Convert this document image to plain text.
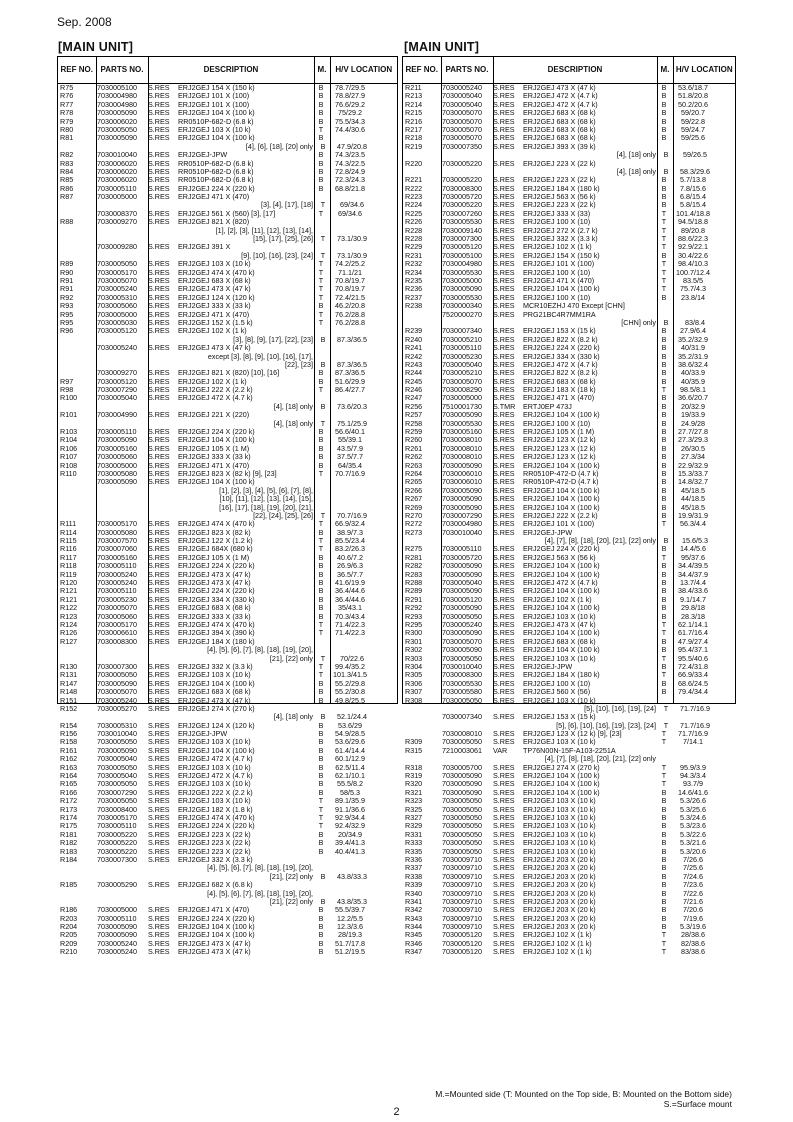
Sep. 2008
[MAIN UNIT]	[MAIN UNIT]
REF NO.	PARTS NO.	DESCRIPTION	M.	H/V LOCATION
R75	7030005100	S.RES	ERJ2GEJ 154 X (150 k)	B	78.7/29.5
R76	7030004980	S.RES	ERJ2GEJ 101 X (100)	B	78.8/27.9
R77	7030004980	S.RES	ERJ2GEJ 101 X (100)	B	76.6/29.2
R78	7030005090	S.RES	ERJ2GEJ 104 X (100 k)	B	75/29.2
R79	7030006020	S.RES	RR0510P-682-D (6.8 k)	B	75.5/34.3
R80	7030005050	S.RES	ERJ2GEJ 103 X (10 k)	T	74.4/30.6
R81	7030005090	S.RES	ERJ2GEJ 104 X (100 k)	B
[4], [6], [18], [20] only	B	47.9/20.8
R82	7030010040	S.RES	ERJ2GEJ-JPW	B	74.3/23.5
R83	7030006020	S.RES	RR0510P-682-D (6.8 k)	B	74.3/22.5
R84	7030006020	S.RES	RR0510P-682-D (6.8 k)	B	72.8/24.9
R85	7030006020	S.RES	RR0510P-682-D (6.8 k)	B	72.3/24.3
R86	7030005110	S.RES	ERJ2GEJ 224 X (220 k)	B	68.8/21.8
R87	7030005000	S.RES	ERJ2GEJ 471 X (470)
[3], [4], [17], [18]	T	69/34.6
7030008370	S.RES	ERJ2GEJ 561 X (560) [3], [17]	T	69/34.6
R88	7030009270	S.RES	ERJ2GEJ 821 X (820)
[1], [2], [3], [11], [12], [13], [14],
[15], [17], [25], [26]	T	73.1/30.9
7030009280	S.RES	ERJ2GEJ 391 X
[9], [10], [16], [23], [24]	T	73.1/30.9
R89	7030005050	S.RES	ERJ2GEJ 103 X (10 k)	T	74.2/25.2
R90	7030005170	S.RES	ERJ2GEJ 474 X (470 k)	T	71.1/21
R91	7030005070	S.RES	ERJ2GEJ 683 X (68 k)	T	70.8/19.7
R91	7030005240	S.RES	ERJ2GEJ 473 X (47 k)	T	70.8/19.7
R92	7030005310	S.RES	ERJ2GEJ 124 X (120 k)	T	72.4/21.5
R93	7030005060	S.RES	ERJ2GEJ 333 X (33 k)	B	46.2/20.8
R95	7030005000	S.RES	ERJ2GEJ 471 X (470)	T	76.2/28.8
R95	7030005030	S.RES	ERJ2GEJ 152 X (1.5 k)	T	76.2/28.8
R96	7030005120	S.RES	ERJ2GEJ 102 X (1 k)
[3], [8], [9], [17], [22], [23]	B	87.3/36.5
7030005240	S.RES	ERJ2GEJ 473 X (47 k)
except [3], [8], [9], [10], [16], [17],
[22], [23]	B	87.3/36.5
7030009270	S.RES	ERJ2GEJ 821 X (820) [10], [16]	B	87.3/36.5
R97	7030005120	S.RES	ERJ2GEJ 102 X (1 k)	B	51.6/29.9
R98	7030007290	S.RES	ERJ2GEJ 222 X (2.2 k)	T	86.4/27.7
R100	7030005040	S.RES	ERJ2GEJ 472 X (4.7 k)
[4], [18] only	B	73.6/20.3
R101	7030004990	S.RES	ERJ2GEJ 221 X (220)
[4], [18] only	T	75.1/25.9
R103	7030005110	S.RES	ERJ2GEJ 224 X (220 k)	B	56.6/40.1
R104	7030005090	S.RES	ERJ2GEJ 104 X (100 k)	B	55/39.1
R106	7030005160	S.RES	ERJ2GEJ 105 X (1 M)	B	43.5/7.9
R107	7030005060	S.RES	ERJ2GEJ 333 X (33 k)	B	37.5/7.7
R108	7030005000	S.RES	ERJ2GEJ 471 X (470)	B	64/35.4
R110	7030005080	S.RES	ERJ2GEJ 823 X (82 k) [9], [23]	T	70.7/16.9
7030005090	S.RES	ERJ2GEJ 104 X (100 k)
[1], [2], [3], [4], [5], [6], [7], [8],
[10], [11], [12], [13], [14], [15],
[16], [17], [18], [19], [20], [21],
[22], [24], [25], [26]	T	70.7/16.9
R111	7030005170	S.RES	ERJ2GEJ 474 X (470 k)	T	66.9/32.4
R114	7030005080	S.RES	ERJ2GEJ 823 X (82 k)	B	38.9/7.3
R115	7030007570	S.RES	ERJ2GEJ 122 X (1.2 k)	T	85.5/23.4
R116	7030007060	S.RES	ERJ2GEJ 684X (680 k)	T	83.2/26.3
R117	7030005160	S.RES	ERJ2GEJ 105 X (1 M)	B	40.6/7.2
R118	7030005110	S.RES	ERJ2GEJ 224 X (220 k)	B	26.9/6.3
R119	7030005240	S.RES	ERJ2GEJ 473 X (47 k)	B	36.5/7.7
R120	7030005240	S.RES	ERJ2GEJ 473 X (47 k)	B	41.6/19.9
R121	7030005110	S.RES	ERJ2GEJ 224 X (220 k)	B	36.4/44.6
R121	7030005230	S.RES	ERJ2GEJ 334 X (330 k)	B	36.4/44.6
R122	7030005070	S.RES	ERJ2GEJ 683 X (68 k)	B	35/43.1
R123	7030005060	S.RES	ERJ2GEJ 333 X (33 k)	B	70.3/43.4
R124	7030005170	S.RES	ERJ2GEJ 474 X (470 k)	T	71.4/22.3
R126	7030006610	S.RES	ERJ2GEJ 394 X (390 k)	T	71.4/22.3
R127	7030008300	S.RES	ERJ2GEJ 184 X (180 k)
[4], [5], [6], [7], [8], [18], [19], [20],
[21], [22] only	T	70/22.6
R130	7030007300	S.RES	ERJ2GEJ 332 X (3.3 k)	T	99.4/35.2
R131	7030005050	S.RES	ERJ2GEJ 103 X (10 k)	T	101.3/41.5
R147	7030005090	S.RES	ERJ2GEJ 104 X (100 k)	B	55.2/29.8
R148	7030005070	S.RES	ERJ2GEJ 683 X (68 k)	B	55.2/30.8
R151	7030005240	S.RES	ERJ2GEJ 473 X (47 k)	B	49.8/25.5
R152	7030005270	S.RES	ERJ2GEJ 274 X (270 k)
[4], [18] only	B	52.1/24.4
R154	7030005310	S.RES	ERJ2GEJ 124 X (120 k)	B	53.6/29
R156	7030010040	S.RES	ERJ2GEJ-JPW	B	54.9/28.5
R158	7030005050	S.RES	ERJ2GEJ 103 X (10 k)	B	53.6/29.6
R161	7030005090	S.RES	ERJ2GEJ 104 X (100 k)	B	61.4/14.4
R162	7030005040	S.RES	ERJ2GEJ 472 X (4.7 k)	B	60.1/12.9
R163	7030005050	S.RES	ERJ2GEJ 103 X (10 k)	B	62.5/11.4
R164	7030005040	S.RES	ERJ2GEJ 472 X (4.7 k)	B	62.1/10.1
R165	7030005050	S.RES	ERJ2GEJ 103 X (10 k)	B	55.5/8.2
R166	7030007290	S.RES	ERJ2GEJ 222 X (2.2 k)	B	58/5.3
R172	7030005050	S.RES	ERJ2GEJ 103 X (10 k)	T	89.1/35.9
R173	7030008400	S.RES	ERJ2GEJ 182 X (1.8 k)	T	91.1/36.6
R174	7030005170	S.RES	ERJ2GEJ 474 X (470 k)	T	92.9/34.4
R175	7030005110	S.RES	ERJ2GEJ 224 X (220 k)	T	92.4/32.9
R181	7030005220	S.RES	ERJ2GEJ 223 X (22 k)	B	20/34.9
R182	7030005220	S.RES	ERJ2GEJ 223 X (22 k)	B	39.4/41.3
R183	7030005220	S.RES	ERJ2GEJ 223 X (22 k)	B	40.4/41.3
R184	7030007300	S.RES	ERJ2GEJ 332 X (3.3 k)
[4], [5], [6], [7], [8], [18], [19], [20],
[21], [22] only	B	43.8/33.3
R185	7030005290	S.RES	ERJ2GEJ 682 X (6.8 k)
[4], [5], [6], [7], [8], [18], [19], [20],
[21], [22] only	B	43.8/35.3
R186	7030005000	S.RES	ERJ2GEJ 471 X (470)	B	55.5/39.7
R203	7030005110	S.RES	ERJ2GEJ 224 X (220 k)	B	12.2/5.5
R204	7030005090	S.RES	ERJ2GEJ 104 X (100 k)	B	12.3/3.6
R205	7030005090	S.RES	ERJ2GEJ 104 X (100 k)	B	28/19.3
R209	7030005240	S.RES	ERJ2GEJ 473 X (47 k)	B	51.7/17.8
R210	7030005240	S.RES	ERJ2GEJ 473 X (47 k)	B	51.2/19.5
REF NO.	PARTS NO.	DESCRIPTION	M.	H/V LOCATION
R211	7030005240	S.RES	ERJ2GEJ 473 X (47 k)	B	53.6/18.7
R213	7030005040	S.RES	ERJ2GEJ 472 X (4.7 k)	B	51.8/20.8
R214	7030005040	S.RES	ERJ2GEJ 472 X (4.7 k)	B	50.2/20.6
R215	7030005070	S.RES	ERJ2GEJ 683 X (68 k)	B	59/20.7
R216	7030005070	S.RES	ERJ2GEJ 683 X (68 k)	B	59/22.8
R217	7030005070	S.RES	ERJ2GEJ 683 X (68 k)	B	59/24.7
R218	7030005070	S.RES	ERJ2GEJ 683 X (68 k)	B	59/25.6
R219	7030007350	S.RES	ERJ2GEJ 393 X (39 k)
[4], [18] only	B	59/26.5
R220	7030005220	S.RES	ERJ2GEJ 223 X (22 k)
[4], [18] only	B	58.3/29.6
R221	7030005220	S.RES	ERJ2GEJ 223 X (22 k)	B	5.7/13.8
R222	7030008300	S.RES	ERJ2GEJ 184 X (180 k)	B	7.8/15.6
R223	7030005720	S.RES	ERJ2GEJ 563 X (56 k)	B	6.8/15.4
R224	7030005220	S.RES	ERJ2GEJ 223 X (22 k)	B	5.8/15.4
R225	7030007260	S.RES	ERJ2GEJ 333 X (33)	T	101.4/18.8
R226	7030005530	S.RES	ERJ2GEJ 100 X (10)	T	94.5/18.8
R228	7030009140	S.RES	ERJ2GEJ 272 X (2.7 k)	T	89/20.8
R228	7030007300	S.RES	ERJ2GEJ 332 X (3.3 k)	T	88.6/22.3
R229	7030005120	S.RES	ERJ2GEJ 102 X (1 k)	T	92.9/22.1
R231	7030005100	S.RES	ERJ2GEJ 154 X (150 k)	B	30.4/22.6
R232	7030004980	S.RES	ERJ2GEJ 101 X (100)	T	98.4/10.3
R234	7030005530	S.RES	ERJ2GEJ 100 X (10)	T	100.7/12.4
R235	7030005000	S.RES	ERJ2GEJ 471 X (470)	T	83.5/5
R236	7030005090	S.RES	ERJ2GEJ 104 X (100 k)	T	75.7/4.3
R237	7030005530	S.RES	ERJ2GEJ 100 X (10)	B	23.8/14
R238	7030000340	S.RES	MCR10EZHJ 470 Except [CHN]
7520000270	S.RES	PRG21BC4R7MM1RA
[CHN] only	B	83/8.4
R239	7030007340	S.RES	ERJ2GEJ 153 X (15 k)	B	27.9/6.4
R240	7030005210	S.RES	ERJ2GEJ 822 X (8.2 k)	B	35.2/32.9
R241	7030005110	S.RES	ERJ2GEJ 224 X (220 k)	B	40/31.9
R242	7030005230	S.RES	ERJ2GEJ 334 X (330 k)	B	35.2/31.9
R243	7030005040	S.RES	ERJ2GEJ 472 X (4.7 k)	B	38.6/32.4
R244	7030005210	S.RES	ERJ2GEJ 822 X (8.2 k)	B	40/33.9
R245	7030005070	S.RES	ERJ2GEJ 683 X (68 k)	B	40/35.9
R246	7030008290	S.RES	ERJ2GEJ 183 X (18 k)	T	98.5/8.1
R247	7030005000	S.RES	ERJ2GEJ 471 X (470)	B	36.6/20.7
R256	7510001730	S.TMR	ERTJ0EP 473J	B	20/32.9
R257	7030005090	S.RES	ERJ2GEJ 104 X (100 k)	B	19/33.9
R258	7030005530	S.RES	ERJ2GEJ 100 X (10)	B	24.9/28
R259	7030005160	S.RES	ERJ2GEJ 105 X (1 M)	B	27.7/27.8
R260	7030008010	S.RES	ERJ2GEJ 123 X (12 k)	B	27.3/29.3
R261	7030008010	S.RES	ERJ2GEJ 123 X (12 k)	B	26/30.5
R262	7030008010	S.RES	ERJ2GEJ 123 X (12 k)	B	27.3/34
R263	7030005090	S.RES	ERJ2GEJ 104 X (100 k)	B	22.9/32.9
R264	7030006010	S.RES	RR0510P-472-D (4.7 k)	B	15.3/33.7
R265	7030006010	S.RES	RR0510P-472-D (4.7 k)	B	14.8/32.7
R266	7030005090	S.RES	ERJ2GEJ 104 X (100 k)	B	45/18.5
R267	7030005090	S.RES	ERJ2GEJ 104 X (100 k)	B	44/18.5
R269	7030005090	S.RES	ERJ2GEJ 104 X (100 k)	B	45/18.5
R270	7030007290	S.RES	ERJ2GEJ 222 X (2.2 k)	B	19.9/31.9
R272	7030004980	S.RES	ERJ2GEJ 101 X (100)	T	56.3/4.4
R273	7030010040	S.RES	ERJ2GEJ-JPW
[4], [7], [8], [18], [20], [21], [22] only	B	15.6/5.3
R275	7030005110	S.RES	ERJ2GEJ 224 X (220 k)	B	14.4/5.6
R281	7030005720	S.RES	ERJ2GEJ 563 X (56 k)	T	95/37.6
R282	7030005090	S.RES	ERJ2GEJ 104 X (100 k)	B	34.4/39.5
R283	7030005090	S.RES	ERJ2GEJ 104 X (100 k)	B	34.4/37.9
R288	7030005040	S.RES	ERJ2GEJ 472 X (4.7 k)	B	13.7/4.4
R289	7030005090	S.RES	ERJ2GEJ 104 X (100 k)	B	38.4/33.6
R291	7030005120	S.RES	ERJ2GEJ 102 X (1 k)	B	9.1/14.7
R292	7030005090	S.RES	ERJ2GEJ 104 X (100 k)	B	29.8/18
R293	7030005050	S.RES	ERJ2GEJ 103 X (10 k)	B	28.3/18
R295	7030005240	S.RES	ERJ2GEJ 473 X (47 k)	T	62.1/14.1
R300	7030005090	S.RES	ERJ2GEJ 104 X (100 k)	T	61.7/16.4
R301	7030005070	S.RES	ERJ2GEJ 683 X (68 k)	B	47.9/27.4
R302	7030005090	S.RES	ERJ2GEJ 104 X (100 k)	B	95.4/37.1
R303	7030005050	S.RES	ERJ2GEJ 103 X (10 k)	T	95.5/40.6
R304	7030010040	S.RES	ERJ2GEJ-JPW	B	72.4/31.8
R305	7030008300	S.RES	ERJ2GEJ 184 X (180 k)	T	66.9/33.4
R306	7030005530	S.RES	ERJ2GEJ 100 X (10)	B	68.6/24.5
R307	7030005580	S.RES	ERJ2GEJ 560 X (56)	B	79.4/34.4
R308	7030005050	S.RES	ERJ2GEJ 103 X (10 k)
[5], [10], [16], [19], [24]	T	71.7/16.9
7030007340	S.RES	ERJ2GEJ 153 X (15 k)
[5], [6], [10], [16], [19], [23], [24]	T	71.7/16.9
7030008010	S.RES	ERJ2GEJ 123 X (12 k) [9], [23]	T	71.7/16.9
R309	7030005050	S.RES	ERJ2GEJ 103 X (10 k)	T	7/14.1
R315	7210003061	VAR	TP76N00N-15F-A103-2251A
[4], [7], [8], [18], [20], [21], [22] only
R318	7030005700	S.RES	ERJ2GEJ 274 X (270 k)	T	95.9/3.9
R319	7030005090	S.RES	ERJ2GEJ 104 X (100 k)	T	94.3/3.4
R320	7030005090	S.RES	ERJ2GEJ 104 X (100 k)	T	93.7/9
R321	7030005090	S.RES	ERJ2GEJ 104 X (100 k)	B	14.6/41.6
R323	7030005050	S.RES	ERJ2GEJ 103 X (10 k)	B	5.3/26.6
R325	7030005050	S.RES	ERJ2GEJ 103 X (10 k)	B	5.3/25.6
R327	7030005050	S.RES	ERJ2GEJ 103 X (10 k)	B	5.3/24.6
R329	7030005050	S.RES	ERJ2GEJ 103 X (10 k)	B	5.3/23.6
R331	7030005050	S.RES	ERJ2GEJ 103 X (10 k)	B	5.3/22.6
R333	7030005050	S.RES	ERJ2GEJ 103 X (10 k)	B	5.3/21.6
R335	7030005050	S.RES	ERJ2GEJ 103 X (10 k)	B	5.3/20.6
R336	7030009710	S.RES	ERJ2GEJ 203 X (20 k)	B	7/26.6
R337	7030009710	S.RES	ERJ2GEJ 203 X (20 k)	B	7/25.6
R338	7030009710	S.RES	ERJ2GEJ 203 X (20 k)	B	7/24.6
R339	7030009710	S.RES	ERJ2GEJ 203 X (20 k)	B	7/23.6
R340	7030009710	S.RES	ERJ2GEJ 203 X (20 k)	B	7/22.6
R341	7030009710	S.RES	ERJ2GEJ 203 X (20 k)	B	7/21.6
R342	7030009710	S.RES	ERJ2GEJ 203 X (20 k)	B	7/20.6
R343	7030009710	S.RES	ERJ2GEJ 203 X (20 k)	B	7/19.6
R344	7030009710	S.RES	ERJ2GEJ 203 X (20 k)	B	5.3/19.6
R345	7030005120	S.RES	ERJ2GEJ 102 X (1 k)	T	28/38.6
R346	7030005120	S.RES	ERJ2GEJ 102 X (1 k)	T	82/38.6
R347	7030005120	S.RES	ERJ2GEJ 102 X (1 k)	T	83/38.6
M.=Mounted side (T: Mounted on the Top side, B: Mounted on the Bottom side)
S.=Surface mount
2
